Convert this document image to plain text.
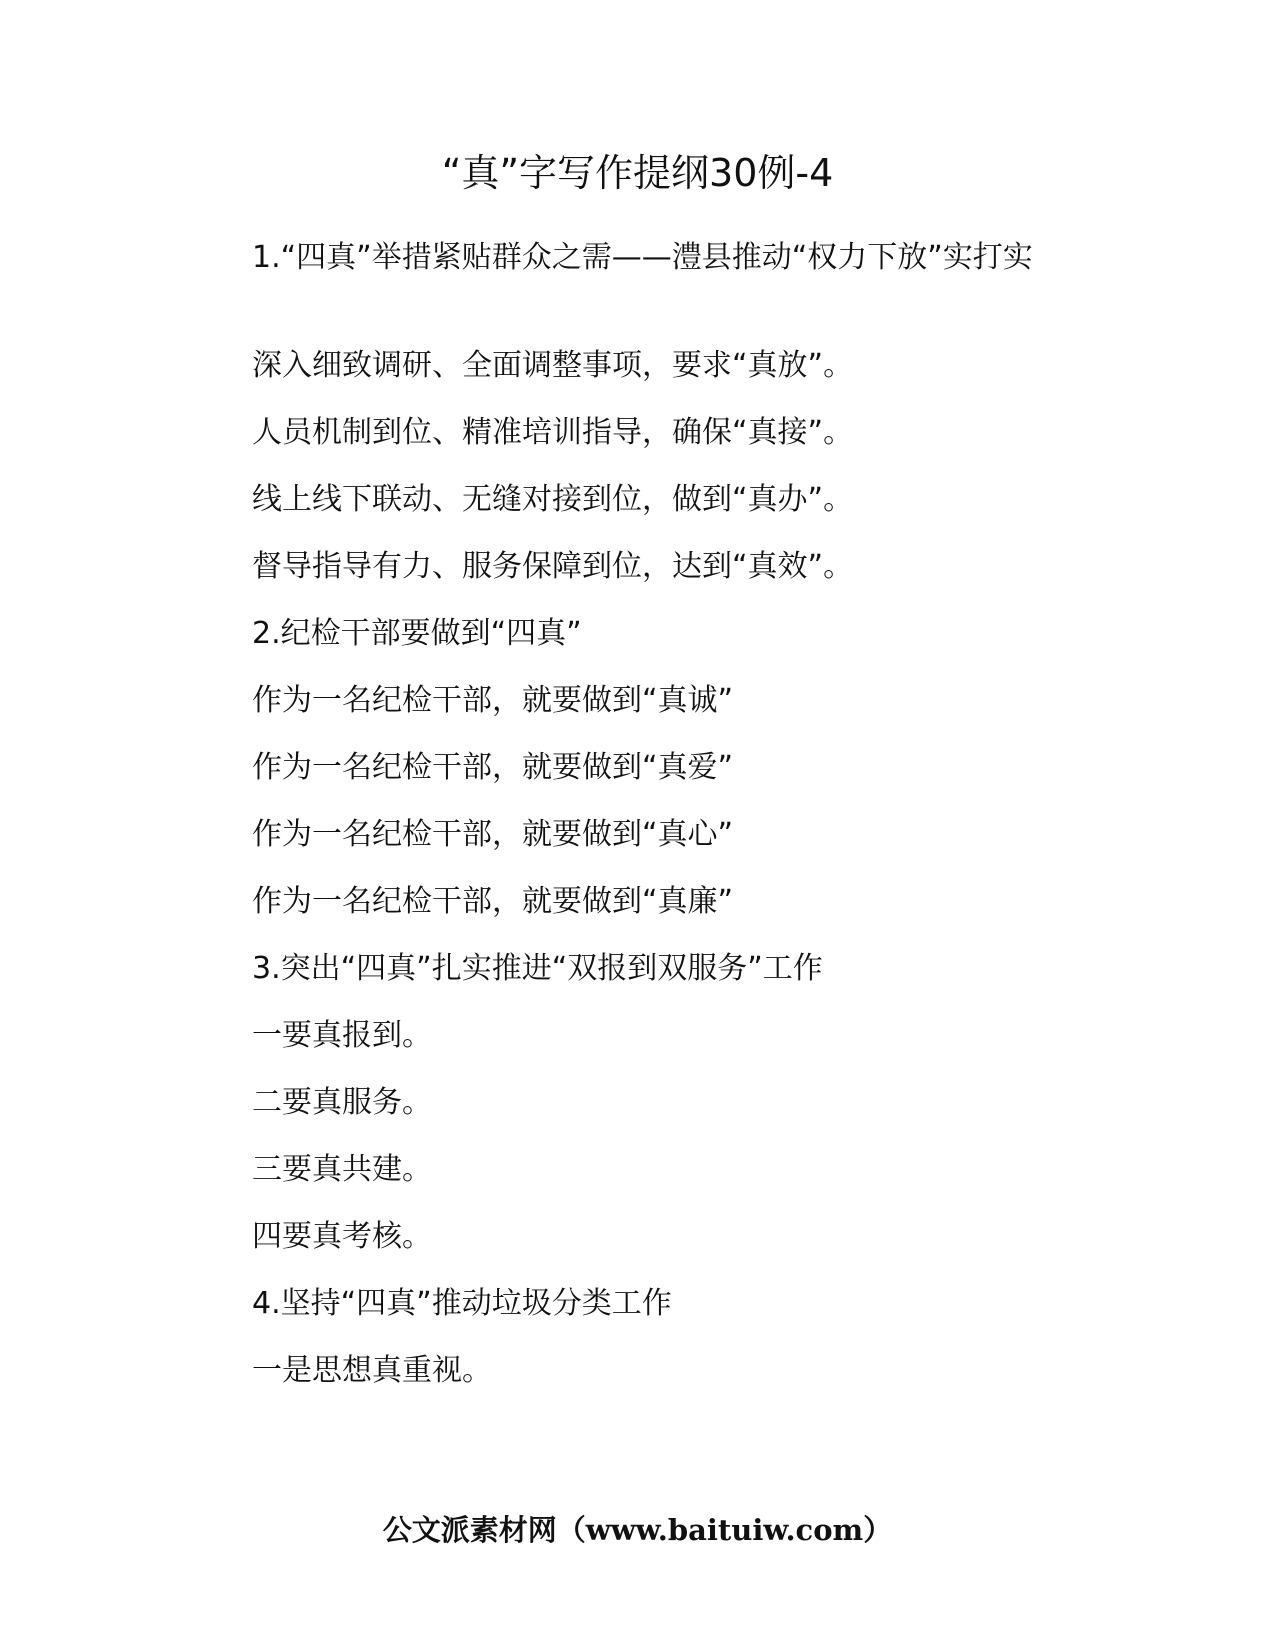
“真”字写作提纲30例-4
1.“四真”举措紧贴群众之需——澧县推动“权力下放”实打实
深入细致调研、全面调整事项，要求“真放”。
人员机制到位、精准培训指导，确保“真接”。
线上线下联动、无缝对接到位，做到“真办”。
督导指导有力、服务保障到位，达到“真效”。
2.纪检干部要做到“四真”
作为一名纪检干部，就要做到“真诚”
作为一名纪检干部，就要做到“真爱”
作为一名纪检干部，就要做到“真心”
作为一名纪检干部，就要做到“真廉”
3.突出“四真”扎实推进“双报到双服务”工作
一要真报到。
二要真服务。
三要真共建。
四要真考核。
4.坚持“四真”推动垃圾分类工作
一是思想真重视。
公文派素材网（www.baituiw.com）
